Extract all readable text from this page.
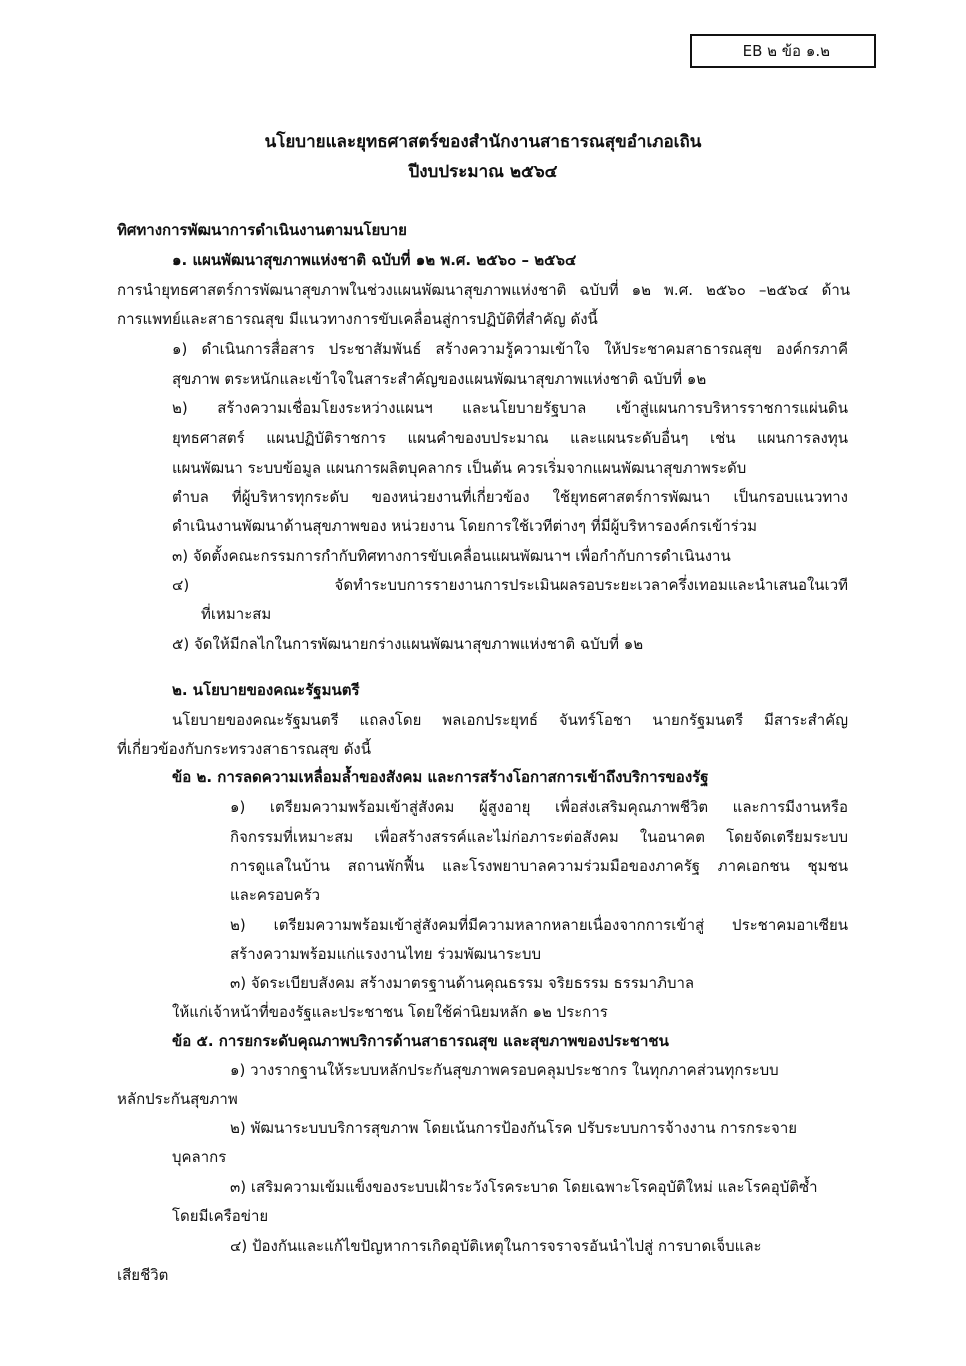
EB ๒ ข้อ ๑.๒
นโยบายและยุทธศาสตร์ของสำนักงานสาธารณสุขอำเภอเถิน
ปีงบประมาณ ๒๕๖๔
ทิศทางการพัฒนาการดำเนินงานตามนโยบาย
๑. แผนพัฒนาสุขภาพแห่งชาติ ฉบับที่ ๑๒ พ.ศ. ๒๕๖๐ – ๒๕๖๔
การนำยุทธศาสตร์การพัฒนาสุขภาพในช่วงแผนพัฒนาสุขภาพแห่งชาติ ฉบับที่ ๑๒ พ.ศ. ๒๕๖๐ –๒๕๖๔ ด้าน
การแพทย์และสาธารณสุข มีแนวทางการขับเคลื่อนสู่การปฏิบัติที่สำคัญ ดังนี้
๑) ดำเนินการสื่อสาร ประชาสัมพันธ์ สร้างความรู้ความเข้าใจ ให้ประชาคมสาธารณสุข องค์กรภาคี
สุขภาพ ตระหนักและเข้าใจในสาระสำคัญของแผนพัฒนาสุขภาพแห่งชาติ ฉบับที่ ๑๒
๒) สร้างความเชื่อมโยงระหว่างแผนฯ และนโยบายรัฐบาล เข้าสู่แผนการบริหารราชการแผ่นดิน
ยุทธศาสตร์ แผนปฏิบัติราชการ แผนคำของบประมาณ และแผนระดับอื่นๆ เช่น แผนการลงทุน
แผนพัฒนา ระบบข้อมูล แผนการผลิตบุคลากร เป็นต้น ควรเริ่มจากแผนพัฒนาสุขภาพระดับ
ตำบล ที่ผู้บริหารทุกระดับ ของหน่วยงานที่เกี่ยวข้อง ใช้ยุทธศาสตร์การพัฒนา เป็นกรอบแนวทาง
ดำเนินงานพัฒนาด้านสุขภาพของ หน่วยงาน โดยการใช้เวทีต่างๆ ที่มีผู้บริหารองค์กรเข้าร่วม
๓) จัดตั้งคณะกรรมการกำกับทิศทางการขับเคลื่อนแผนพัฒนาฯ เพื่อกำกับการดำเนินงาน
๔) จัดทำระบบการรายงานการประเมินผลรอบระยะเวลาครึ่งเทอมและนำเสนอในเวที
ที่เหมาะสม
๕) จัดให้มีกลไกในการพัฒนายกร่างแผนพัฒนาสุขภาพแห่งชาติ ฉบับที่ ๑๒
๒. นโยบายของคณะรัฐมนตรี
นโยบายของคณะรัฐมนตรี แถลงโดย พลเอกประยุทธ์ จันทร์โอชา นายกรัฐมนตรี มีสาระสำคัญ
ที่เกี่ยวข้องกับกระทรวงสาธารณสุข ดังนี้
ข้อ ๒. การลดความเหลื่อมล้ำของสังคม และการสร้างโอกาสการเข้าถึงบริการของรัฐ
๑) เตรียมความพร้อมเข้าสู่สังคม ผู้สูงอายุ เพื่อส่งเสริมคุณภาพชีวิต และการมีงานหรือ
กิจกรรมที่เหมาะสม เพื่อสร้างสรรค์และไม่ก่อภาระต่อสังคม ในอนาคต โดยจัดเตรียมระบบ
การดูแลในบ้าน สถานพักฟื้น และโรงพยาบาลความร่วมมือของภาครัฐ ภาคเอกชน ชุมชน
และครอบครัว
๒) เตรียมความพร้อมเข้าสู่สังคมที่มีความหลากหลายเนื่องจากการเข้าสู่ ประชาคมอาเซียน
สร้างความพร้อมแก่แรงงานไทย ร่วมพัฒนาระบบ
๓) จัดระเบียบสังคม สร้างมาตรฐานด้านคุณธรรม จริยธรรม ธรรมาภิบาล
ให้แก่เจ้าหน้าที่ของรัฐและประชาชน โดยใช้ค่านิยมหลัก ๑๒ ประการ
ข้อ ๕. การยกระดับคุณภาพบริการด้านสาธารณสุข และสุขภาพของประชาชน
๑) วางรากฐานให้ระบบหลักประกันสุขภาพครอบคลุมประชากร ในทุกภาคส่วนทุกระบบ
หลักประกันสุขภาพ
๒) พัฒนาระบบบริการสุขภาพ โดยเน้นการป้องกันโรค ปรับระบบการจ้างงาน การกระจาย
บุคลากร
๓) เสริมความเข้มแข็งของระบบเฝ้าระวังโรคระบาด โดยเฉพาะโรคอุบัติใหม่ และโรคอุบัติซ้ำ
โดยมีเครือข่าย
๔) ป้องกันและแก้ไขปัญหาการเกิดอุบัติเหตุในการจราจรอันนำไปสู่ การบาดเจ็บและ
เสียชีวิต
